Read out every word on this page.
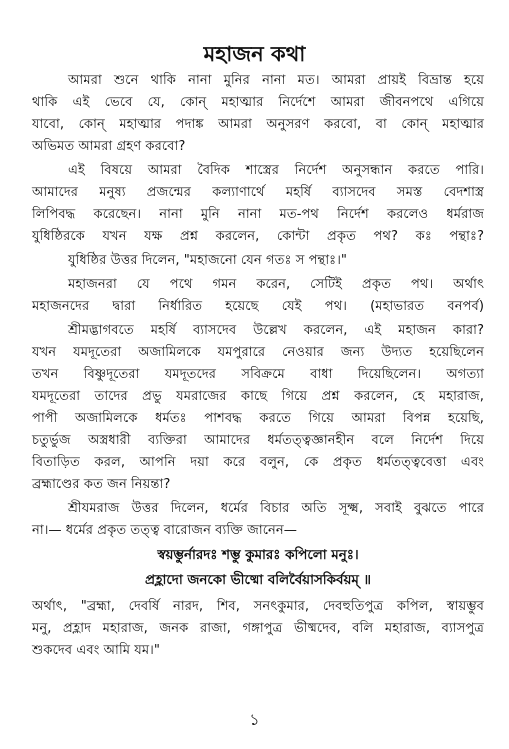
মহাজন কথা
আমরা শুনে থাকি নানা মুনির নানা মত। আমরা প্রায়ই বিভ্রান্ত হয়ে
থাকি এই ভেবে যে, কোন্ মহাত্মার নির্দেশে আমরা জীবনপথে এগিয়ে
যাবো, কোন্ মহাত্মার পদাঙ্ক আমরা অনুসরণ করবো, বা কোন্ মহাত্মার
অভিমত আমরা গ্রহণ করবো?
এই বিষয়ে আমরা বৈদিক শাস্ত্রের নির্দেশ অনুসন্ধান করতে পারি।
আমাদের মনুষ্য প্রজন্মের কল্যাণার্থে মহর্ষি ব্যাসদেব সমস্ত বেদশাস্ত্র
লিপিবদ্ধ করেছেন। নানা মুনি নানা মত-পথ নির্দেশ করলেও ধর্মরাজ
যুধিষ্ঠিরকে যখন যক্ষ প্রশ্ন করলেন, কোন্টা প্রকৃত পথ? কঃ পন্থাঃ?
যুধিষ্ঠির উত্তর দিলেন, "মহাজনো যেন গতঃ স পন্থাঃ।"
মহাজনরা যে পথে গমন করেন, সেটিই প্রকৃত পথ। অর্থাৎ
মহাজনদের দ্বারা নির্ধারিত হয়েছে যেই পথ। (মহাভারত বনপর্ব)
শ্রীমদ্ভাগবতে মহর্ষি ব্যাসদেব উল্লেখ করলেন, এই মহাজন কারা?
যখন যমদূতেরা অজামিলকে যমপুরারে নেওয়ার জন্য উদ্যত হয়েছিলেন
তখন বিষ্ণুদূতেরা যমদূতদের সবিক্রমে বাধা দিয়েছিলেন। অগত্যা
যমদূতেরা তাদের প্রভু যমরাজের কাছে গিয়ে প্রশ্ন করলেন, হে মহারাজ,
পাপী অজামিলকে ধর্মতঃ পাশবদ্ধ করতে গিয়ে আমরা বিপন্ন হয়েছি,
চতুর্ভুজ অস্ত্রধারী ব্যক্তিরা আমাদের ধর্মতত্ত্বজ্ঞানহীন বলে নির্দেশ দিয়ে
বিতাড়িত করল, আপনি দয়া করে বলুন, কে প্রকৃত ধর্মতত্ত্ববেত্তা এবং
ব্রহ্মাণ্ডের কত জন নিয়ন্তা?
শ্রীযমরাজ উত্তর দিলেন, ধর্মের বিচার অতি সূক্ষ্ম, সবাই বুঝতে পারে
না।— ধর্মের প্রকৃত তত্ত্ব বারোজন ব্যক্তি জানেন—
স্বয়ম্ভুর্নারদঃ শম্ভু কুমারঃ কপিলো মনুঃ।
প্রহ্লাদো জনকো ভীষ্মো বলির্বৈয়াসকির্বয়ম্ ॥
অর্থাৎ, "ব্রহ্মা, দেবর্ষি নারদ, শিব, সনৎকুমার, দেবহুতিপুত্র কপিল, স্বায়ম্ভুব
মনু, প্রহ্লাদ মহারাজ, জনক রাজা, গঙ্গাপুত্র ভীষ্মদেব, বলি মহারাজ, ব্যাসপুত্র
শুকদেব এবং আমি যম।"
১
